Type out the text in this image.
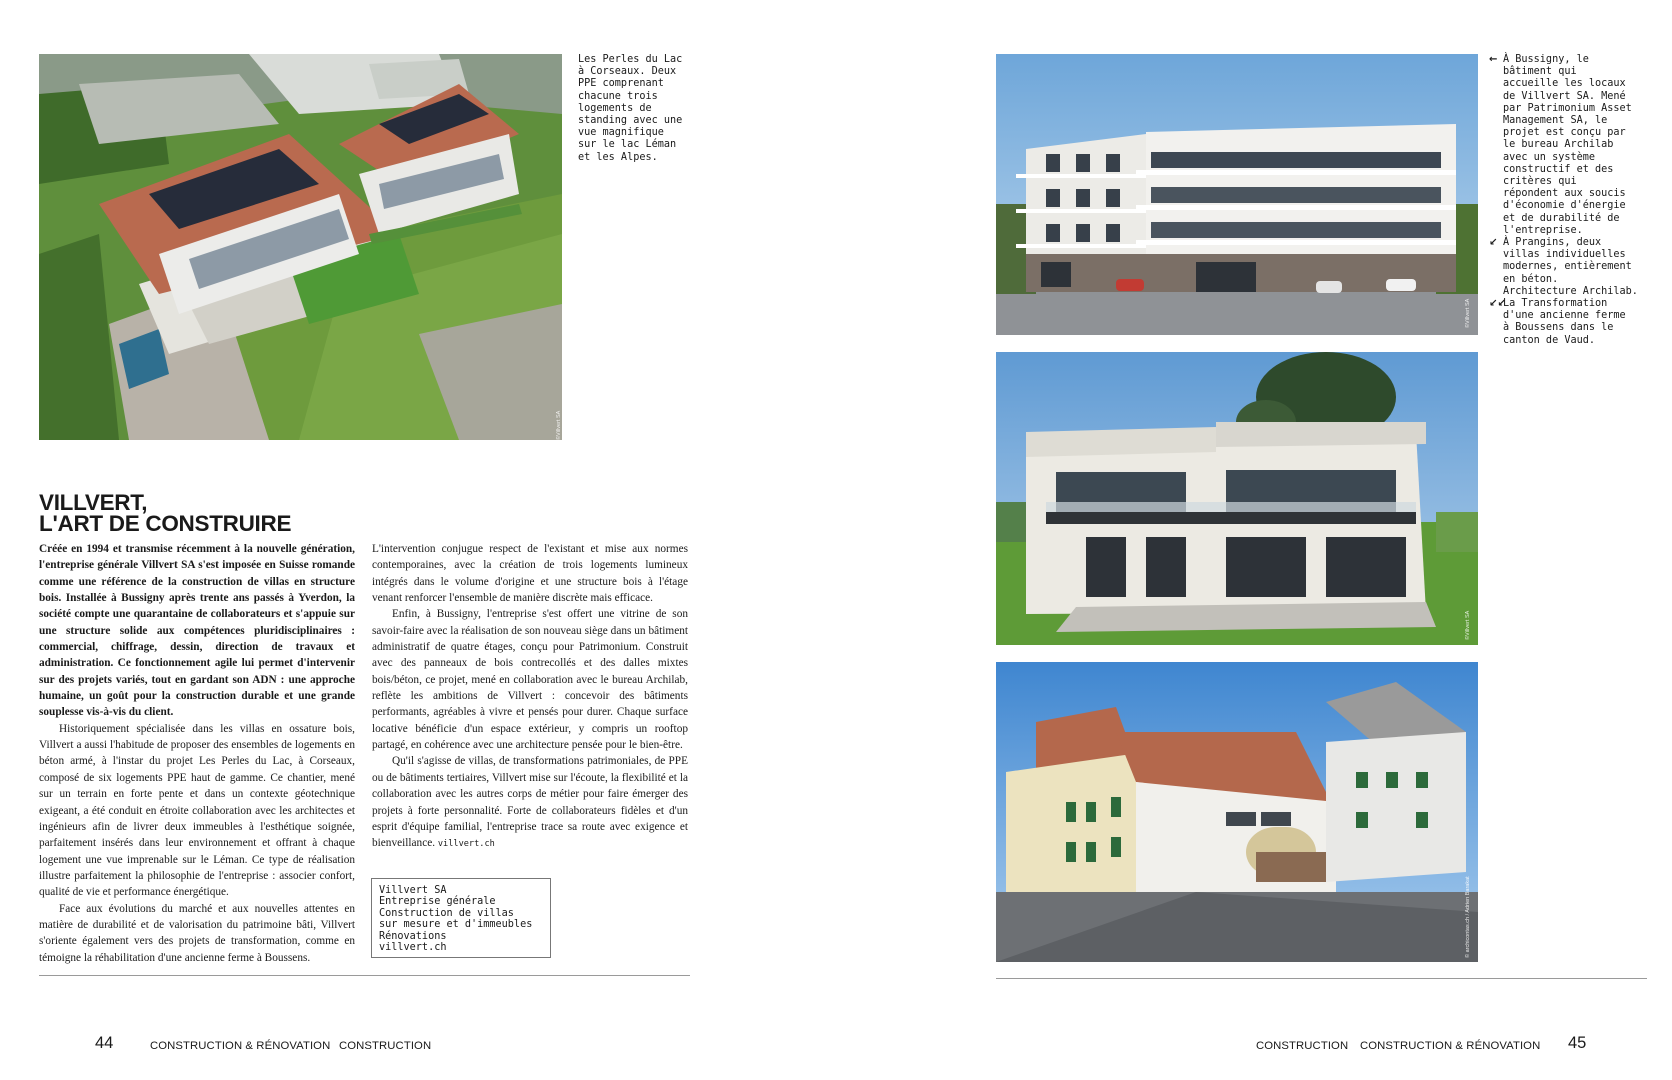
©Villvert SA
Les Perles du Lac
à Corseaux. Deux
PPE comprenant
chacune trois
logements de
standing avec une
vue magnifique
sur le lac Léman
et les Alpes.
VILLVERT,
L'ART DE CONSTRUIRE

Créée en 1994 et transmise récemment à la nouvelle génération, l'entreprise générale Villvert SA s'est imposée en Suisse romande comme une référence de la construction de villas en structure bois. Installée à Bussigny après trente ans passés à Yverdon, la société compte une quarantaine de collaborateurs et s'appuie sur une structure solide aux compétences pluridisciplinaires : commercial, chiffrage, dessin, direction de travaux et administration. Ce fonctionnement agile lui permet d'intervenir sur des projets variés, tout en gardant son ADN : une approche humaine, un goût pour la construction durable et une grande souplesse vis-à-vis du client.

Historiquement spécialisée dans les villas en ossature bois, Villvert a aussi l'habitude de proposer des ensembles de logements en béton armé, à l'instar du projet Les Perles du Lac, à Corseaux, composé de six logements PPE haut de gamme. Ce chantier, mené sur un terrain en forte pente et dans un contexte géotechnique exigeant, a été conduit en étroite collaboration avec les architectes et ingénieurs afin de livrer deux immeubles à l'esthétique soignée, parfaitement insérés dans leur environnement et offrant à chaque logement une vue imprenable sur le Léman. Ce type de réalisation illustre parfaitement la philosophie de l'entreprise : associer confort, qualité de vie et performance énergétique.

Face aux évolutions du marché et aux nouvelles attentes en matière de durabilité et de valorisation du patrimoine bâti, Villvert s'oriente également vers des projets de transformation, comme en témoigne la réhabilitation d'une ancienne ferme à Boussens.

L'intervention conjugue respect de l'existant et mise aux normes contemporaines, avec la création de trois logements lumineux intégrés dans le volume d'origine et une structure bois à l'étage venant renforcer l'ensemble de manière discrète mais efficace.

Enfin, à Bussigny, l'entreprise s'est offert une vitrine de son savoir-faire avec la réalisation de son nouveau siège dans un bâtiment administratif de quatre étages, conçu pour Patrimonium. Construit avec des panneaux de bois contrecollés et des dalles mixtes bois/béton, ce projet, mené en collaboration avec le bureau Archilab, reflète les ambitions de Villvert : concevoir des bâtiments performants, agréables à vivre et pensés pour durer. Chaque surface locative bénéficie d'un espace extérieur, y compris un rooftop partagé, en cohérence avec une architecture pensée pour le bien-être.

Qu'il s'agisse de villas, de transformations patrimoniales, de PPE ou de bâtiments tertiaires, Villvert mise sur l'écoute, la flexibilité et la collaboration avec les autres corps de métier pour faire émerger des projets à forte personnalité. Forte de collaborateurs fidèles et d'un esprit d'équipe familial, l'entreprise trace sa route avec exigence et bienveillance. villvert.ch

Villvert SA
Entreprise générale
Construction de villas
sur mesure et d'immeubles
Rénovations
villvert.ch
44	CONSTRUCTION & RÉNOVATION CONSTRUCTION
©Villvert SA
©Villvert SA
© archicontas.ch / Adrien Barakat
← À Bussigny, le
bâtiment qui
accueille les locaux
de Villvert SA. Mené
par Patrimonium Asset
Management SA, le
projet est conçu par
le bureau Archilab
avec un système
constructif et des
critères qui
répondent aux soucis
d'économie d'énergie
et de durabilité de
l'entreprise.
↙ À Prangins, deux
villas individuelles
modernes, entièrement
en béton.
Architecture Archilab.
↙↙
La Transformation
d'une ancienne ferme
à Boussens dans le
canton de Vaud.
CONSTRUCTION CONSTRUCTION & RÉNOVATION 45
